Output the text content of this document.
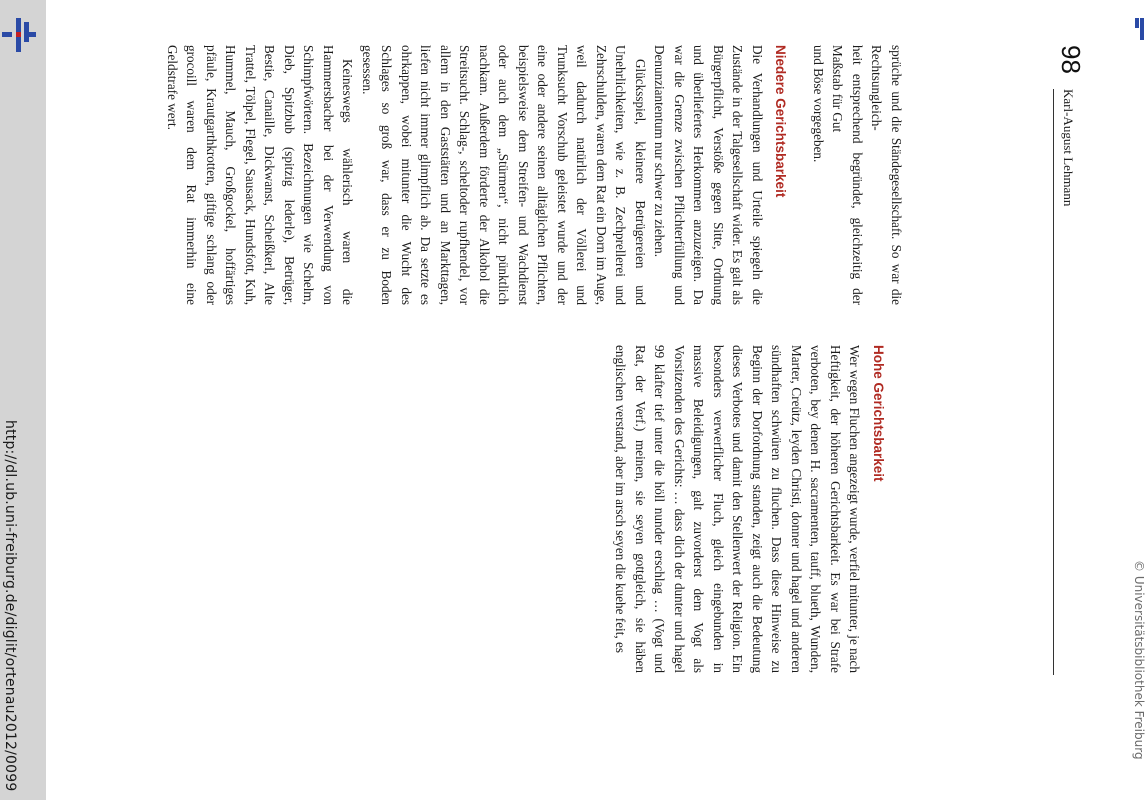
http://dl.ub.uni-freiburg.de/diglit/ortenau2012/0099	© Universitätsbibliothek Freiburg
98
Karl-August Lehmann

sprüche und die Ständegesellschaft. So war die Rechtsungleich-

heit entsprechend begründet, gleichzeitig der Maßstab für Gut

und Böse vorgegeben.

Niedere Gerichtsbarkeit

Die Verhandlungen und Urteile spiegeln die Zustände in der Talgesellschaft wider. Es galt als Bürgerpflicht, Verstöße gegen Sitte, Ordnung und überliefertes Herkommen anzuzeigen. Da war die Grenze zwischen Pflichterfüllung und Denunziantentum nur schwer zu ziehen.

Glücksspiel, kleinere Betrügereien und Unehrlichkeiten, wie z. B. Zechprellerei und Zehrschulden, waren dem Rat ein Dorn im Auge, weil dadurch natürlich der Völlerei und Trunksucht Vorschub geleistet wurde und der eine oder andere seinen alltäglichen Pflichten, beispielsweise dem Streifen- und Wachdienst oder auch dem „Stürmen“, nicht pünktlich nachkam. Außerdem förderte der Alkohol die Streitsucht. Schlag-, scheltoder rupfhendel, vor allem in den Gaststätten und an Markttagen, liefen nicht immer glimpflich ab. Da setzte es ohrkappen, wobei mitunter die Wucht des Schlages so groß war, dass er zu Boden gesessen.

Keineswegs wählerisch waren die Hammersbacher bei der Verwendung von Schimpfwörtern. Bezeichnungen wie Schelm, Dieb, Spitzbub (spitzig lederle), Betrüger, Bestie, Canaille, Dickwanst, Scheißkerl, Alte Trattel, Tölpel, Flegel, Sausack, Hundsfott, Kuh, Hummel, Mauch, Großgockel, hoffärtiges pfäule, Krautgarthkrotten, giftige schlang oder grocoill waren dem Rat immerhin eine Geldstrafe wert.

Hohe Gerichtsbarkeit

Wer wegen Fluchen angezeigt wurde, verfiel mitunter, je nach Heftigkeit, der höheren Gerichtsbarkeit. Es war bei Strafe verboten, bey denen H. sacramenten, tauff, blueth, Wunden, Marter, Creütz, leyden Christi, donner und hagel und anderen sündhaften schwüren zu fluchen. Dass diese Hinweise zu Beginn der Dorfordnung standen, zeigt auch die Bedeutung dieses Verbotes und damit den Stellenwert der Religion. Ein besonders verwerflicher Fluch, gleich eingebunden in massive Beleidigungen, galt zuvorderst dem Vogt als Vorsitzenden des Gerichts: … dass dich der dunter und hagel 99 klafter tief unter die höll nunder erschlag … (Vogt und Rat, der Verf.) meinen, sie seyen gottgleich, sie häben englischen verstand, aber im arsch seyen die kuehe feit, es
